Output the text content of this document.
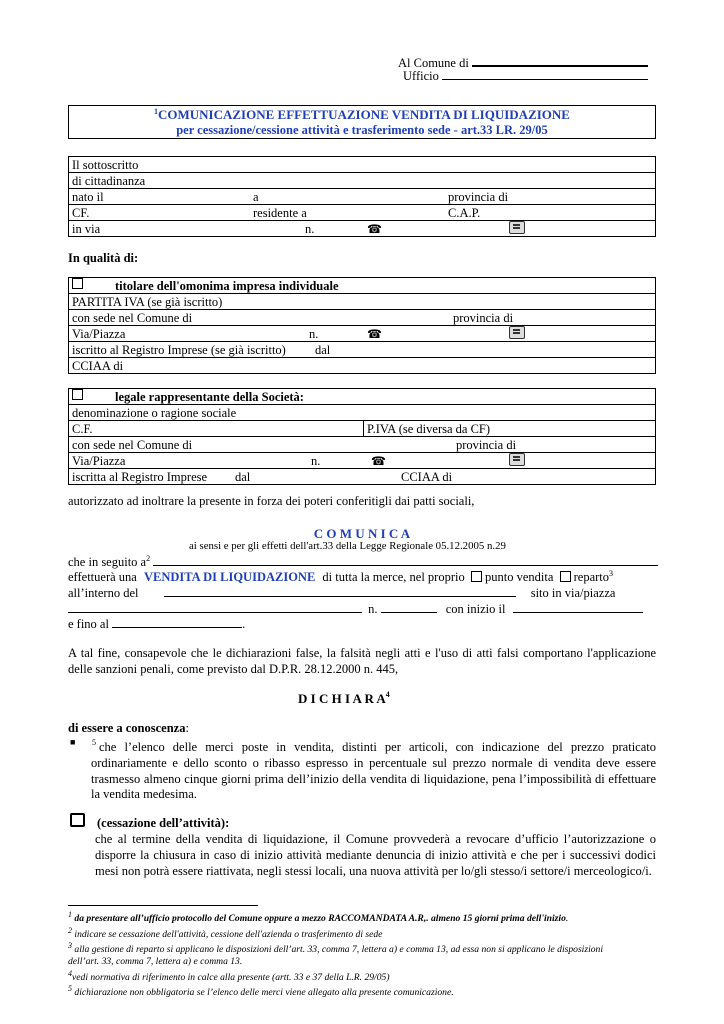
Al Comune di
Ufficio
$^1$COMUNICAZIONE EFFETTUAZIONE VENDITA DI LIQUIDAZIONE
per cessazione/cessione attività e trasferimento sede - art.33 LR. 29/05
Il sottoscritto
di cittadinanza
nato il	a	provincia di
CF.	residente a	C.A.P.
in via	n.	☎
In qualità di:
titolare dell'omonima impresa individuale
PARTITA IVA (se già iscritto)
con sede nel Comune di	provincia di
Via/Piazza	n.	☎
iscritto al Registro Imprese (se già iscritto) dal
CCIAA di
legale rappresentante della Società:
denominazione o ragione sociale
C.F.	P.IVA (se diversa da CF)
con sede nel Comune di	provincia di
Via/Piazza	n.	☎
iscritta al Registro Imprese dal	CCIAA di
autorizzato ad inoltrare la presente in forza dei poteri conferitigli dai patti sociali,
C O M U N I C A
ai sensi e per gli effetti dell'art.33 della Legge Regionale 05.12.2005 n.29
che in seguito $a^2$
effettuerà una VENDITA DI LIQUIDAZIONE di tutta la merce, nel proprio punto vendita reparto$^3$
all’interno del	sito in via/piazza
n.	con inizio il
e fino al	.
A tal fine, consapevole che le dichiarazioni false, la falsità negli atti e l'uso di atti falsi comportano l'applicazione delle sanzioni penali, come previsto dal D.P.R. 28.12.2000 n. 445,
D I C H I A R $A^4$
di essere a conoscenza:
■ $^5$ che l’elenco delle merci poste in vendita, distinti per articoli, con indicazione del prezzo praticato ordinariamente e dello sconto o ribasso espresso in percentuale sul prezzo normale di vendita deve essere trasmesso almeno cinque giorni prima dell’inizio della vendita di liquidazione, pena l’impossibilità di effettuare la vendita medesima.
(cessazione dell’attività):
che al termine della vendita di liquidazione, il Comune provvederà a revocare d’ufficio l’autorizzazione o disporre la chiusura in caso di inizio attività mediante denuncia di inizio attività e che per i successivi dodici mesi non potrà essere riattivata, negli stessi locali, una nuova attività per lo/gli stesso/i settore/i merceologico/i.
$^1$ da presentare all’ufficio protocollo del Comune oppure a mezzo RACCOMANDATA A.R,. almeno 15 giorni prima dell'inizio.
$^2$ indicare se cessazione dell'attività, cessione dell'azienda o trasferimento di sede
$^3$ alla gestione di reparto si applicano le disposizioni dell’art. 33, comma 7, lettera a) e comma 13, ad essa non si applicano le disposizioni
dell’art. 33, comma 7, lettera a) e comma 13.
$^4$vedi normativa di riferimento in calce alla presente (artt. 33 e 37 della L.R. 29/05)
$^5$ dichiarazione non obbligatoria se l’elenco delle merci viene allegato alla presente comunicazione.
